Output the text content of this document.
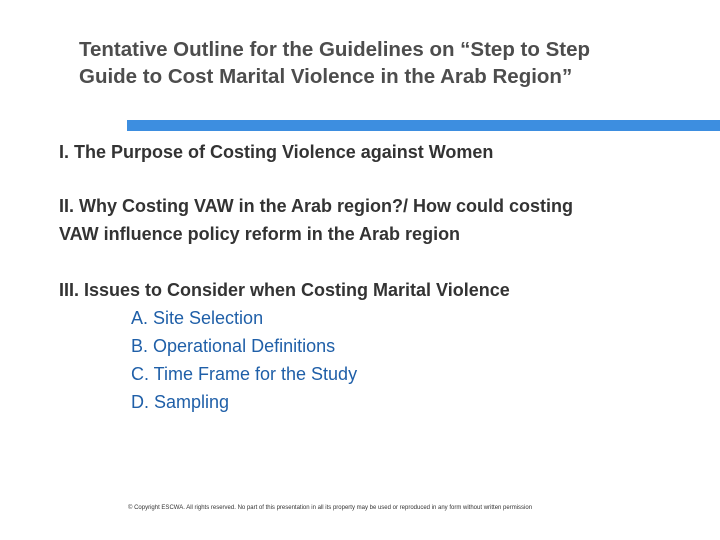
Tentative Outline for the Guidelines on “Step to Step
Guide to Cost Marital Violence in the Arab Region”

I. The Purpose of Costing Violence against Women

II. Why Costing VAW in the Arab region?/ How could costing
VAW influence policy reform in the Arab region

III. Issues to Consider when Costing Marital Violence

A. Site Selection
B. Operational Definitions
C. Time Frame for the Study
D. Sampling
© Copyright ESCWA. All rights reserved. No part of this presentation in all its property may be used or reproduced in any form without written permission
